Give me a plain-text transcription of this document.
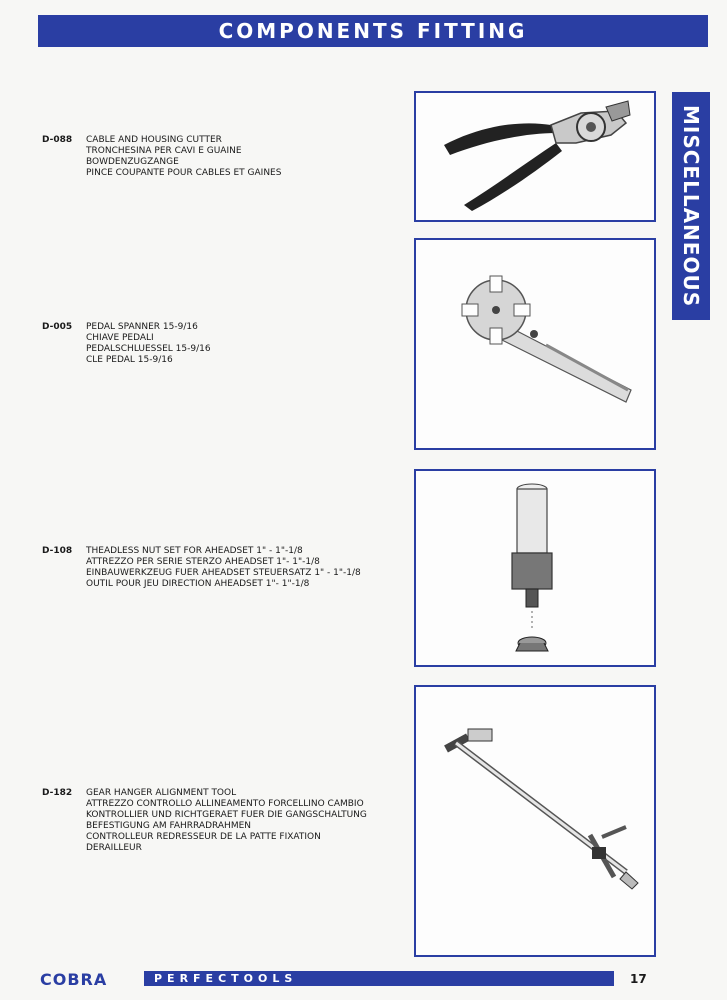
COMPONENTS FITTING
MISCELLANEOUS
D-088 CABLE AND HOUSING CUTTER
TRONCHESINA PER CAVI E GUAINE
BOWDENZUGZANGE
PINCE COUPANTE POUR CABLES ET GAINES
D-005 PEDAL SPANNER 15-9/16
CHIAVE PEDALI
PEDALSCHLUESSEL 15-9/16
CLE PEDAL 15-9/16
D-108 THEADLESS NUT SET FOR AHEADSET 1" - 1"-1/8
ATTREZZO PER SERIE STERZO AHEADSET 1"- 1"-1/8
EINBAUWERKZEUG FUER AHEADSET STEUERSATZ 1" - 1"-1/8
OUTIL POUR JEU DIRECTION AHEADSET 1"- 1"-1/8
D-182 GEAR HANGER ALIGNMENT TOOL
ATTREZZO CONTROLLO ALLINEAMENTO FORCELLINO CAMBIO
KONTROLLIER UND RICHTGERAET FUER DIE GANGSCHALTUNG
BEFESTIGUNG AM FAHRRADRAHMEN
CONTROLLEUR REDRESSEUR DE LA PATTE FIXATION
DERAILLEUR
COBRA	PERFECTOOLS	17
